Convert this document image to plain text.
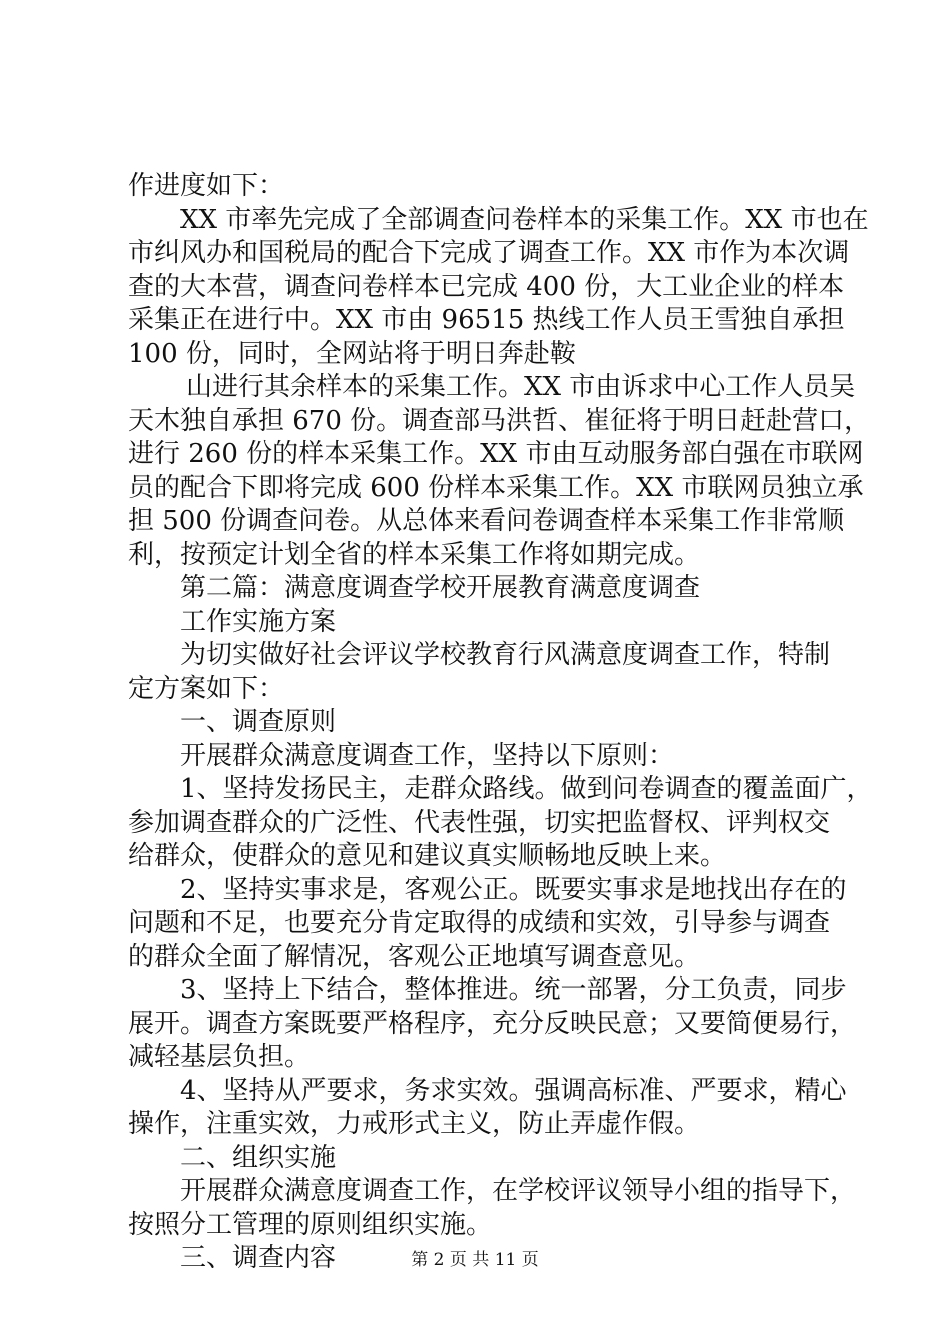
作进度如下：
XX 市率先完成了全部调查问卷样本的采集工作。XX 市也在
市纠风办和国税局的配合下完成了调查工作。XX 市作为本次调
查的大本营，调查问卷样本已完成 400 份，大工业企业的样本
采集正在进行中。XX 市由 96515 热线工作人员王雪独自承担
100 份，同时，全网站将于明日奔赴鞍
山进行其余样本的采集工作。XX 市由诉求中心工作人员吴
天木独自承担 670 份。调查部马洪哲、崔征将于明日赶赴营口，
进行 260 份的样本采集工作。XX 市由互动服务部白强在市联网
员的配合下即将完成 600 份样本采集工作。XX 市联网员独立承
担 500 份调查问卷。从总体来看问卷调查样本采集工作非常顺
利，按预定计划全省的样本采集工作将如期完成。
第二篇：满意度调查学校开展教育满意度调查
工作实施方案
为切实做好社会评议学校教育行风满意度调查工作，特制
定方案如下：
一、调查原则
开展群众满意度调查工作，坚持以下原则：
1、坚持发扬民主，走群众路线。做到问卷调查的覆盖面广，
参加调查群众的广泛性、代表性强，切实把监督权、评判权交
给群众，使群众的意见和建议真实顺畅地反映上来。
2、坚持实事求是，客观公正。既要实事求是地找出存在的
问题和不足，也要充分肯定取得的成绩和实效，引导参与调查
的群众全面了解情况，客观公正地填写调查意见。
3、坚持上下结合，整体推进。统一部署，分工负责，同步
展开。调查方案既要严格程序，充分反映民意；又要简便易行，
减轻基层负担。
4、坚持从严要求，务求实效。强调高标准、严要求，精心
操作，注重实效，力戒形式主义，防止弄虚作假。
二、组织实施
开展群众满意度调查工作，在学校评议领导小组的指导下，
按照分工管理的原则组织实施。
三、调查内容	第 2 页 共 11 页
